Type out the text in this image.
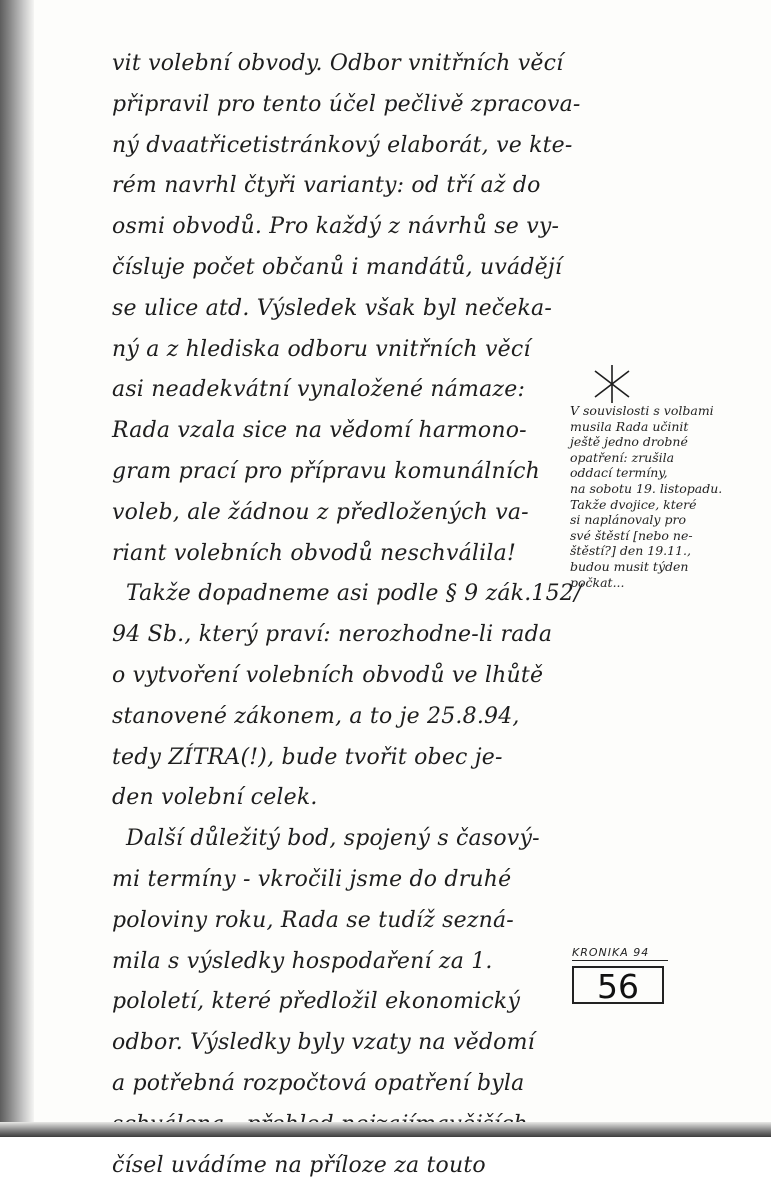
vit volební obvody. Odbor vnitřních věcí
připravil pro tento účel pečlivě zpracova-
ný dvaatřicetistránkový elaborát, ve kte-
rém navrhl čtyři varianty: od tří až do
osmi obvodů. Pro každý z návrhů se vy-
čísluje počet občanů i mandátů, uvádějí
se ulice atd. Výsledek však byl nečeka-
ný a z hlediska odboru vnitřních věcí
asi neadekvátní vynaložené námaze:
Rada vzala sice na vědomí harmono-
gram prací pro přípravu komunálních
voleb, ale žádnou z předložených va-
riant volebních obvodů neschválila!
Takže dopadneme asi podle § 9 zák.152/
94 Sb., který praví: nerozhodne-li rada
o vytvoření volebních obvodů ve lhůtě
stanovené zákonem, a to je 25.8.94,
tedy ZÍTRA(!), bude tvořit obec je-
den volební celek.
Další důležitý bod, spojený s časový-
mi termíny - vkročili jsme do druhé
poloviny roku, Rada se tudíž sezná-
mila s výsledky hospodaření za 1.
pololetí, které předložil ekonomický
odbor. Výsledky byly vzaty na vědomí
a potřebná rozpočtová opatření byla
čísel uvádíme na příloze za touto
V souvislosti s volbami
musila Rada učinit
ještě jedno drobné
opatření: zrušila
oddací termíny,
na sobotu 19. listopadu.
Takže dvojice, které
si naplánovaly pro
své štěstí [nebo ne-
štěstí?] den 19.11.,
budou musit týden
počkat...
KRONIKA 94
56
